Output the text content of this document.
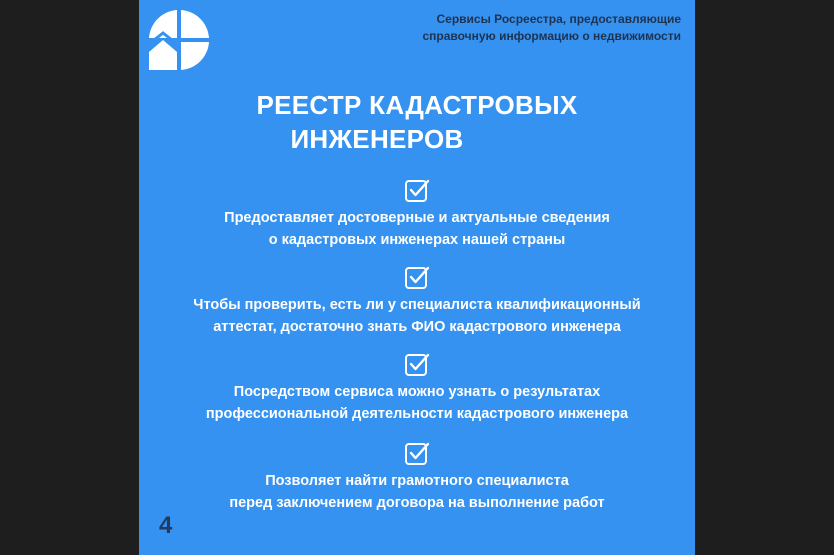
Сервисы Росреестра, предоставляющие
справочную информацию о недвижимости
РЕЕСТР КАДАСТРОВЫХ
ИНЖЕНЕРОВ
Предоставляет достоверные и актуальные сведения
о кадастровых инженерах нашей страны
Чтобы проверить, есть ли у специалиста квалификационный
аттестат, достаточно знать ФИО кадастрового инженера
Посредством сервиса можно узнать о результатах
профессиональной деятельности кадастрового инженера
Позволяет найти грамотного специалиста
перед заключением договора на выполнение работ
4
